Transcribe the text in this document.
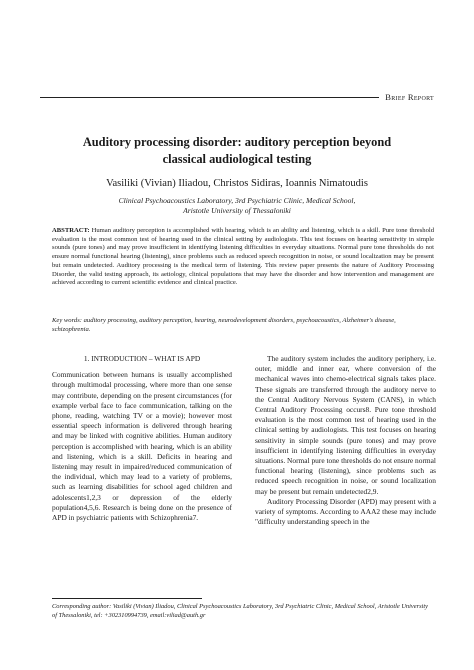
Brief Report
Auditory processing disorder: auditory perception beyond
classical audiological testing
Vasiliki (Vivian) Iliadou, Christos Sidiras, Ioannis Nimatoudis
Clinical Psychoacoustics Laboratory, 3rd Psychiatric Clinic, Medical School,
Aristotle University of Thessaloniki
ABSTRACT: Human auditory perception is accomplished with hearing, which is an ability and listening, which is a skill. Pure tone threshold evaluation is the most common test of hearing used in the clinical setting by audiologists. This test focuses on hearing sensitivity in simple sounds (pure tones) and may prove insufficient in identifying listening difficulties in everyday situations. Normal pure tone thresholds do not ensure normal functional hearing (listening), since problems such as reduced speech recognition in noise, or sound localization may be present but remain undetected. Auditory processing is the medical term of listening. This review paper presents the nature of Auditory Processing Disorder, the valid testing approach, its aetiology, clinical populations that may have the disorder and how intervention and management are achieved according to current scientific evidence and clinical practice.
Key words: auditory processing, auditory perception, hearing, neurodevelopment disorders, psychoacoustics, Alzheimer's disease, schizophrenia.
1. INTRODUCTION – WHAT IS APD

Communication between humans is usually accomplished through multimodal processing, where more than one sense may contribute, depending on the present circumstances (for example verbal face to face communication, talking on the phone, reading, watching TV or a movie); however most essential speech information is delivered through hearing and may be linked with cognitive abilities. Human auditory perception is accomplished with hearing, which is an ability and listening, which is a skill. Deficits in hearing and listening may result in impaired/reduced communication of the individual, which may lead to a variety of problems, such as learning disabilities for school aged children and adolescents1,2,3 or depression of the elderly population4,5,6. Research is being done on the presence of APD in psychiatric patients with Schizophrenia7.

The auditory system includes the auditory periphery, i.e. outer, middle and inner ear, where conversion of the mechanical waves into chemo-electrical signals takes place. These signals are transferred through the auditory nerve to the Central Auditory Nervous System (CANS), in which Central Auditory Processing occurs8. Pure tone threshold evaluation is the most common test of hearing used in the clinical setting by audiologists. This test focuses on hearing sensitivity in simple sounds (pure tones) and may prove insufficient in identifying listening difficulties in everyday situations. Normal pure tone thresholds do not ensure normal functional hearing (listening), since problems such as reduced speech recognition in noise, or sound localization may be present but remain undetected2,9.

Auditory Processing Disorder (APD) may present with a variety of symptoms. According to AAA2 these may include "difficulty understanding speech in the

Corresponding author: Vasiliki (Vivian) Iliadou, Clinical Psychoacoustics Laboratory, 3rd Psychiatric Clinic, Medical School, Aristotle University of Thessaloniki, tel: +302310994739, email:viliad@auth.gr
